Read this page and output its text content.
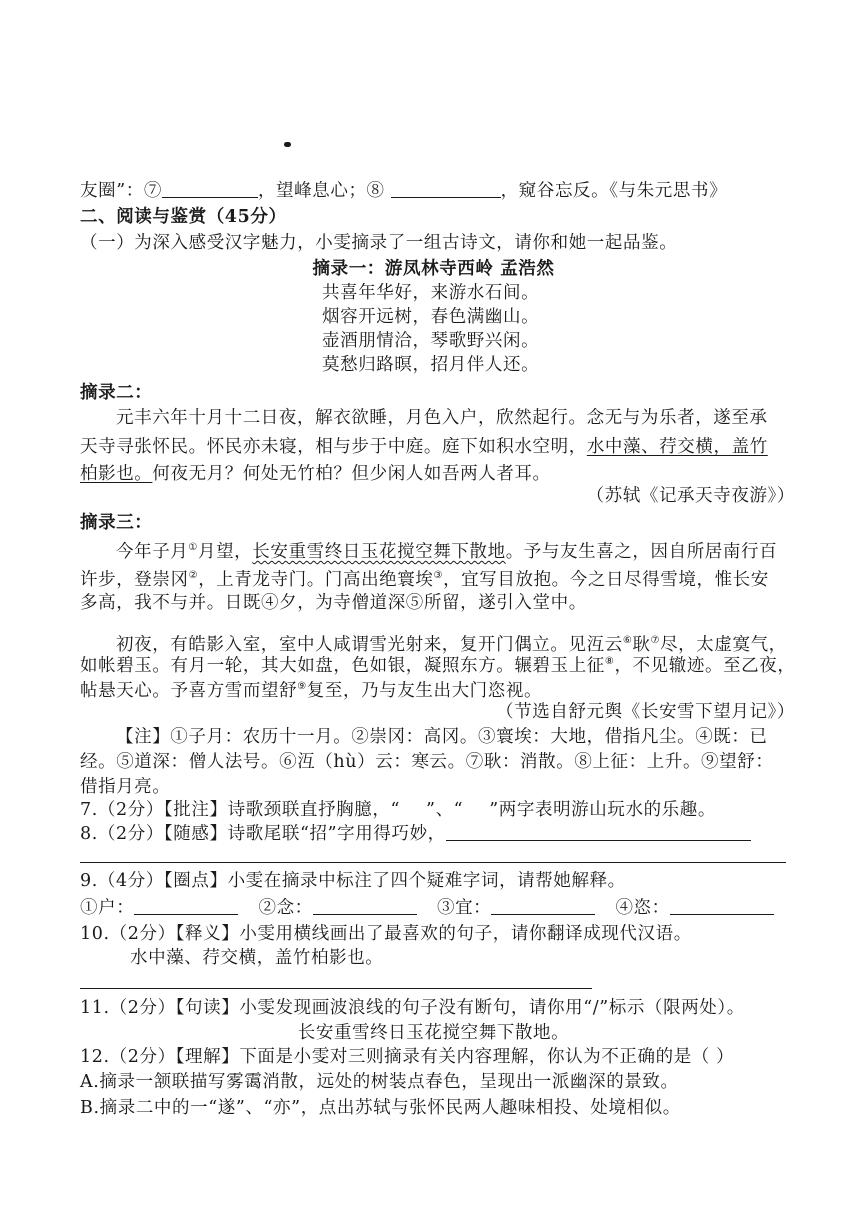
友圈”：⑦	，望峰息心；⑧	，窥谷忘反。《与朱元思书》
二、阅读与鉴赏（45分）
（一）为深入感受汉字魅力，小雯摘录了一组古诗文，请你和她一起品鉴。
摘录一：游凤林寺西岭 孟浩然
共喜年华好，来游水石间。
烟容开远树，春色满幽山。
壶酒朋情洽，琴歌野兴闲。
莫愁归路暝，招月伴人还。
摘录二：
元丰六年十月十二日夜，解衣欲睡，月色入户，欣然起行。念无与为乐者，遂至承
天寺寻张怀民。怀民亦未寝，相与步于中庭。庭下如积水空明，水中藻、荇交横，盖竹
柏影也。何夜无月？何处无竹柏？但少闲人如吾两人者耳。
（苏轼《记承天寺夜游》）
摘录三：
今年子月①月望，长安重雪终日玉花搅空舞下散地。予与友生喜之，因自所居南行百
许步，登崇冈②，上青龙寺门。门高出绝寰埃③，宜写目放抱。今之日尽得雪境，惟长安
多高，我不与并。日既④夕，为寺僧道深⑤所留，遂引入堂中。
初夜，有皓影入室，室中人咸谓雪光射来，复开门偶立。见沍云⑥耿⑦尽，太虚寞气，
如帐碧玉。有月一轮，其大如盘，色如银，凝照东方。辗碧玉上征⑧，不见辙迹。至乙夜，
帖悬天心。予喜方雪而望舒⑨复至，乃与友生出大门恣视。
（节选自舒元舆《长安雪下望月记》）
【注】①子月：农历十一月。②崇冈：高冈。③寰埃：大地，借指凡尘。④既：已
经。⑤道深：僧人法号。⑥沍（hù）云：寒云。⑦耿：消散。⑧上征：上升。⑨望舒：
借指月亮。
7.（2分）【批注】诗歌颈联直抒胸臆，“ ”、“ ”两字表明游山玩水的乐趣。
8.（2分）【随感】诗歌尾联“招”字用得巧妙，
9.（4分）【圈点】小雯在摘录中标注了四个疑难字词，请帮她解释。
①户：	②念：	③宜：	④恣：
10.（2分）【释义】小雯用横线画出了最喜欢的句子，请你翻译成现代汉语。
水中藻、荇交横，盖竹柏影也。
11.（2分）【句读】小雯发现画波浪线的句子没有断句，请你用“/”标示（限两处）。
长安重雪终日玉花搅空舞下散地。
12.（2分）【理解】下面是小雯对三则摘录有关内容理解，你认为不正确的是（ ）
A.摘录一颔联描写雾霭消散，远处的树装点春色，呈现出一派幽深的景致。
B.摘录二中的一“遂”、“亦”，点出苏轼与张怀民两人趣味相投、处境相似。
